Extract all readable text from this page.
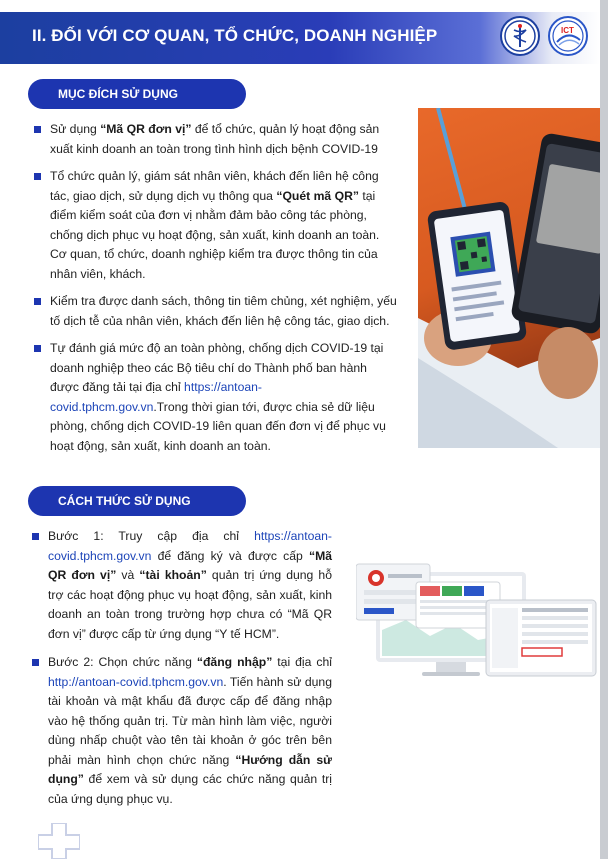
II. ĐỐI VỚI CƠ QUAN, TỔ CHỨC, DOANH NGHIỆP	ICT
MỤC ĐÍCH SỬ DỤNG
Sử dụng “Mã QR đơn vị” để tổ chức, quản lý hoạt động sản xuất kinh doanh an toàn trong tình hình dịch bệnh COVID-19
Tổ chức quản lý, giám sát nhân viên, khách đến liên hệ công tác, giao dịch, sử dụng dịch vụ thông qua “Quét mã QR” tại điểm kiểm soát của đơn vị nhằm đảm bảo công tác phòng, chống dịch phục vụ hoạt động, sản xuất, kinh doanh an toàn. Cơ quan, tổ chức, doanh nghiệp kiểm tra được thông tin của nhân viên, khách.
Kiểm tra được danh sách, thông tin tiêm chủng, xét nghiệm, yếu tố dịch tễ của nhân viên, khách đến liên hệ công tác, giao dịch.
Tự đánh giá mức độ an toàn phòng, chống dịch COVID-19 tại doanh nghiệp theo các Bộ tiêu chí do Thành phố ban hành được đăng tải tại địa chỉ https://antoan-covid.tphcm.gov.vn.Trong thời gian tới, được chia sẻ dữ liệu phòng, chống dịch COVID-19 liên quan đến đơn vị để phục vụ hoạt động, sản xuất, kinh doanh an toàn.
CÁCH THỨC SỬ DỤNG
Bước 1: Truy cập địa chỉ https://antoan-covid.tphcm.gov.vn để đăng ký và được cấp “Mã QR đơn vị” và “tài khoản” quản trị ứng dụng hỗ trợ các hoạt động phục vụ hoạt động, sản xuất, kinh doanh an toàn trong trường hợp chưa có “Mã QR đơn vị” được cấp từ ứng dụng “Y tế HCM”.
Bước 2: Chọn chức năng “đăng nhập” tại địa chỉ http://antoan-covid.tphcm.gov.vn. Tiến hành sử dụng tài khoản và mật khẩu đã được cấp để đăng nhập vào hệ thống quản trị. Từ màn hình làm việc, người dùng nhấp chuột vào tên tài khoản ở góc trên bên phải màn hình chọn chức năng “Hướng dẫn sử dụng” để xem và sử dụng các chức năng quản trị của ứng dụng phục vụ.
